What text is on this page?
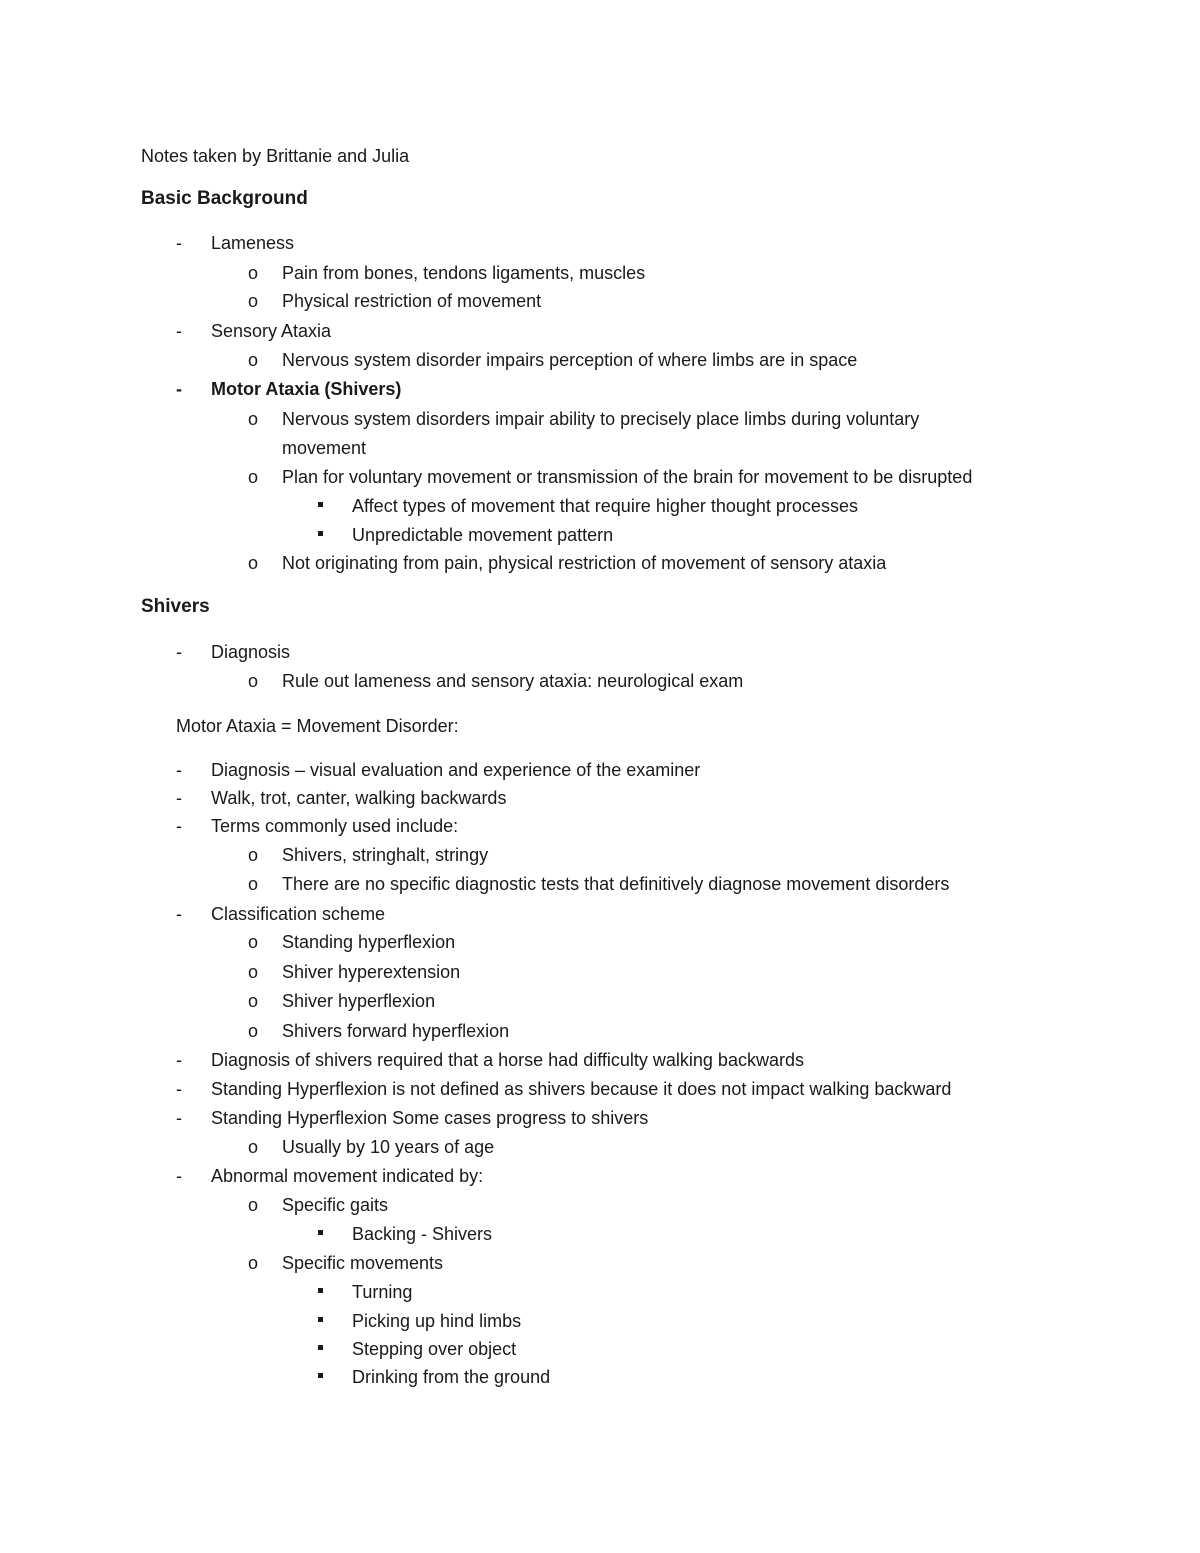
Notes taken by Brittanie and Julia
Basic Background
- Lameness
o Pain from bones, tendons ligaments, muscles
o Physical restriction of movement
- Sensory Ataxia
o Nervous system disorder impairs perception of where limbs are in space
- Motor Ataxia (Shivers)
o Nervous system disorders impair ability to precisely place limbs during voluntary
movement
o Plan for voluntary movement or transmission of the brain for movement to be disrupted
Affect types of movement that require higher thought processes
Unpredictable movement pattern
o Not originating from pain, physical restriction of movement of sensory ataxia
Shivers
- Diagnosis
o Rule out lameness and sensory ataxia: neurological exam
Motor Ataxia = Movement Disorder:
- Diagnosis – visual evaluation and experience of the examiner
- Walk, trot, canter, walking backwards
- Terms commonly used include:
o Shivers, stringhalt, stringy
o There are no specific diagnostic tests that definitively diagnose movement disorders
- Classification scheme
o Standing hyperflexion
o Shiver hyperextension
o Shiver hyperflexion
o Shivers forward hyperflexion
- Diagnosis of shivers required that a horse had difficulty walking backwards
- Standing Hyperflexion is not defined as shivers because it does not impact walking backward
- Standing Hyperflexion Some cases progress to shivers
o Usually by 10 years of age
- Abnormal movement indicated by:
o Specific gaits
Backing - Shivers
o Specific movements
Turning
Picking up hind limbs
Stepping over object
Drinking from the ground
